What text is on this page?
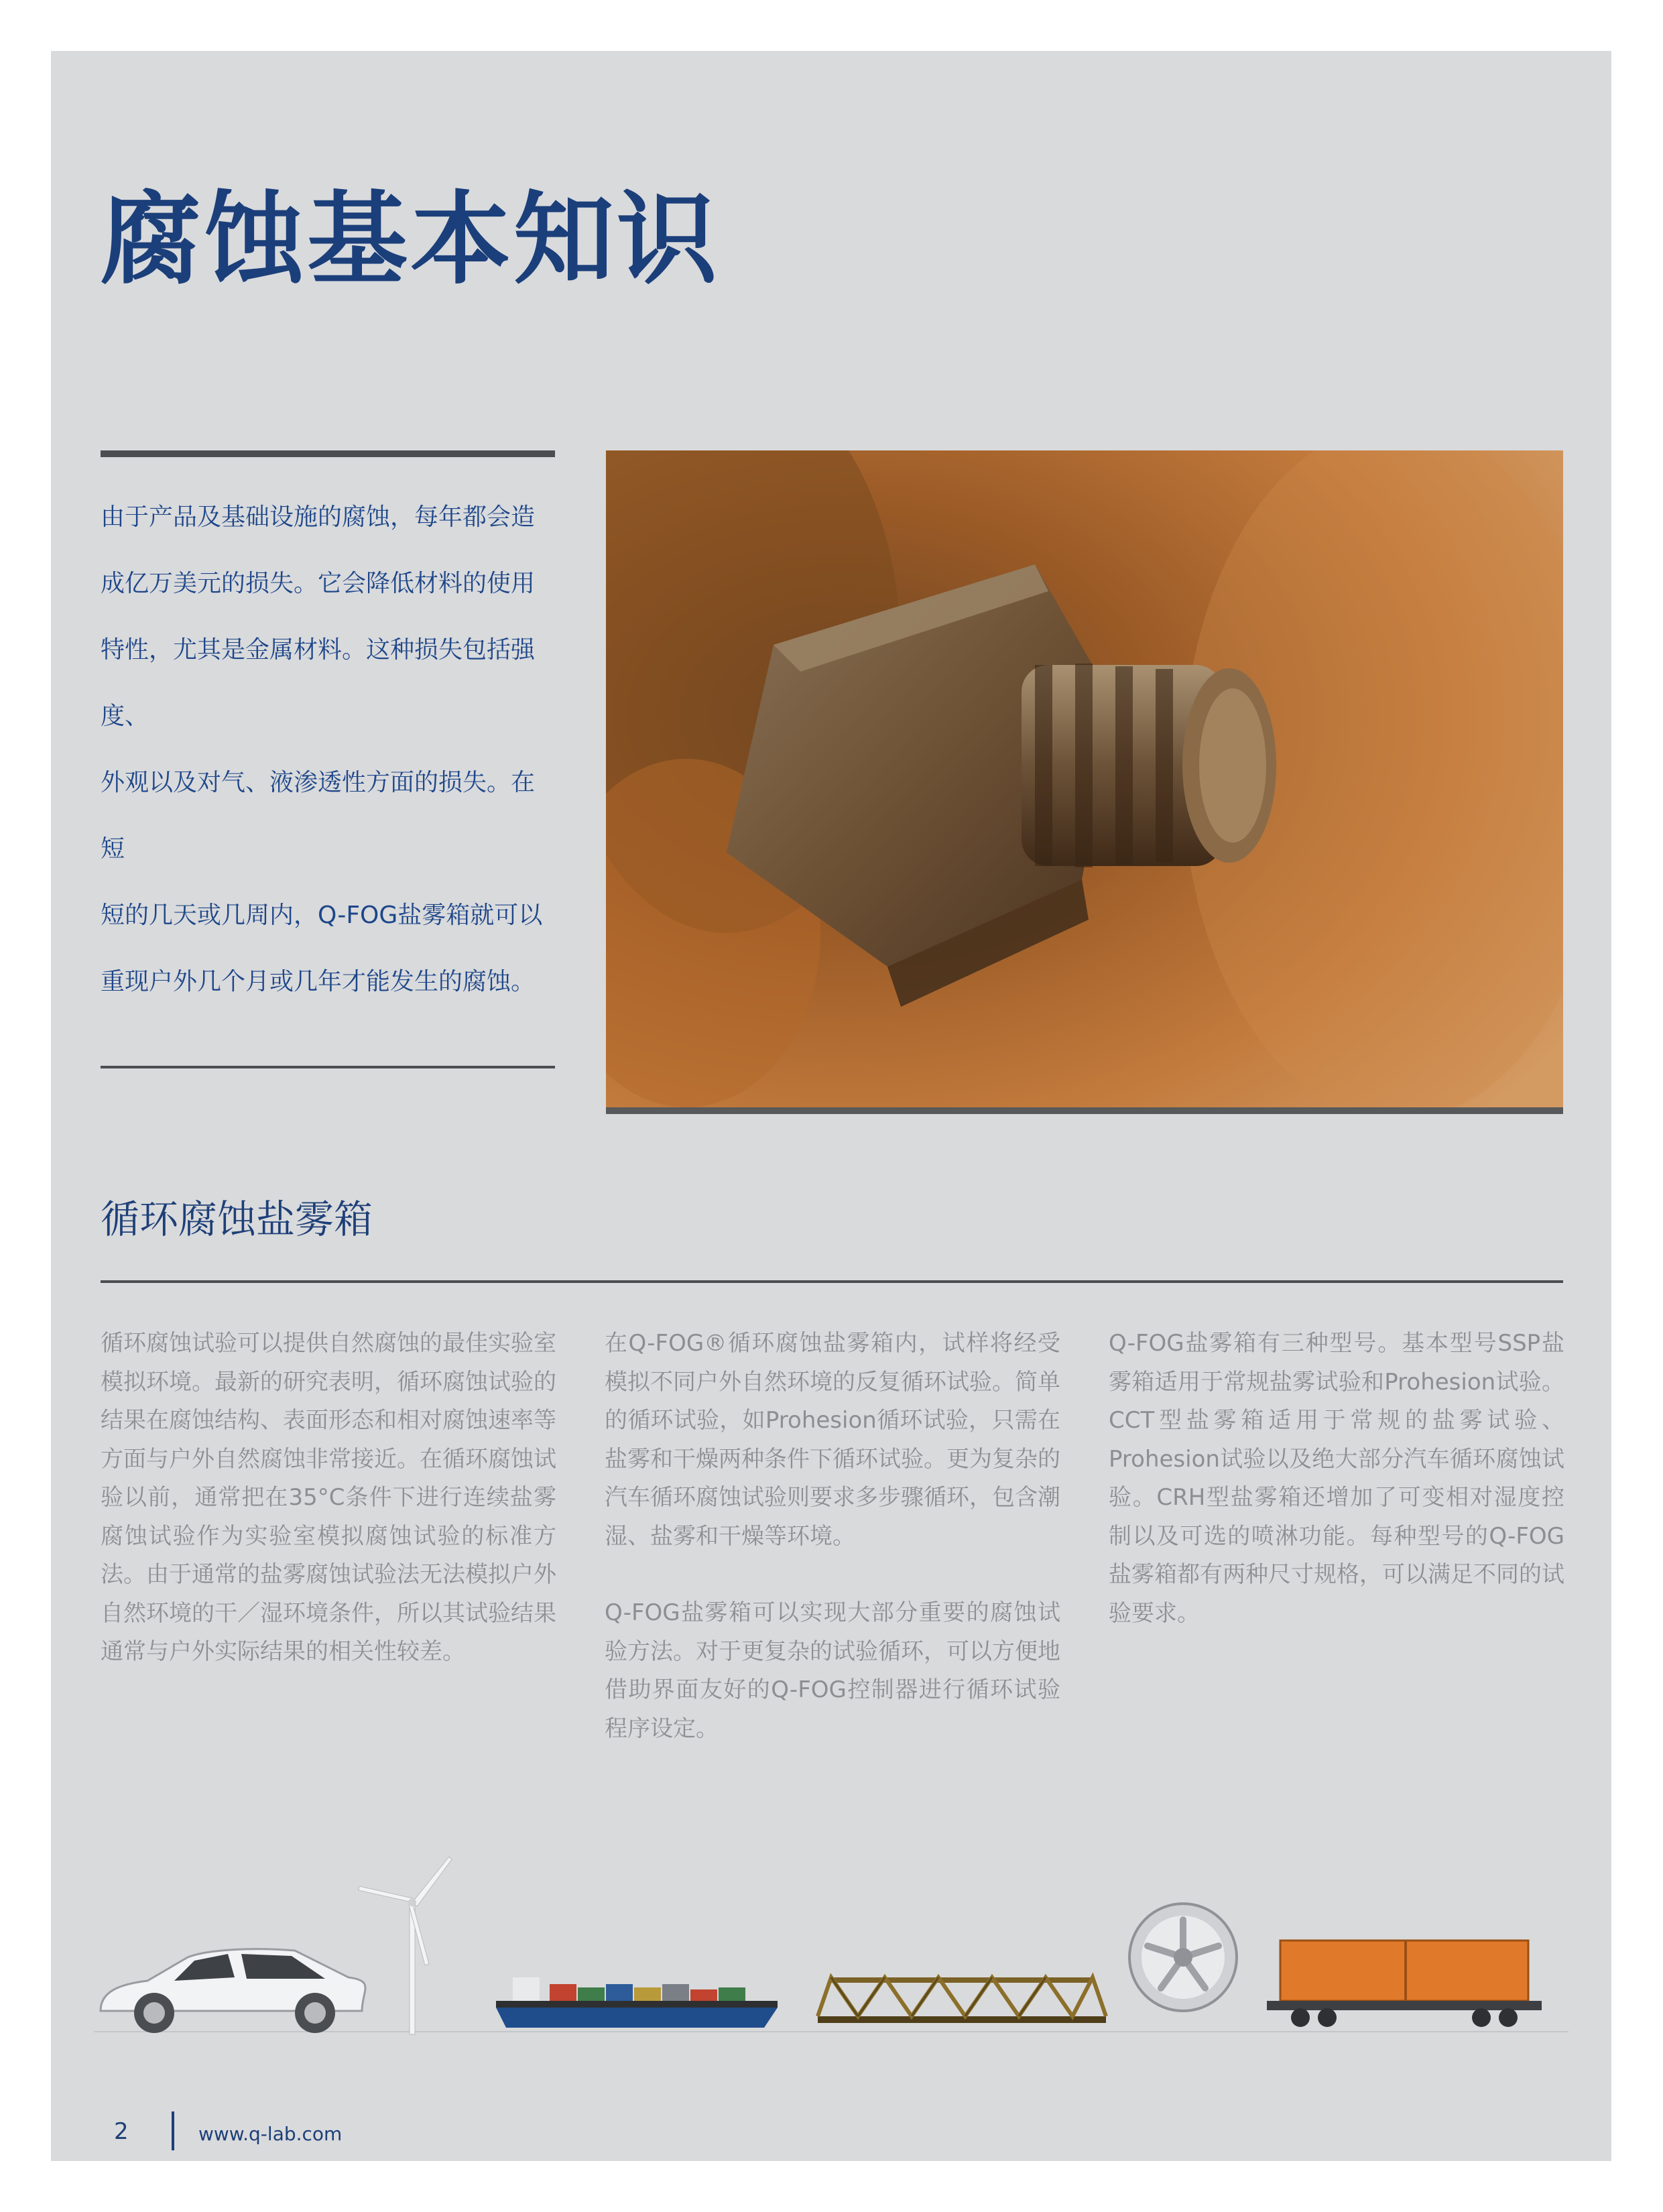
腐蚀基本知识

由于产品及基础设施的腐蚀，每年都会造

成亿万美元的损失。它会降低材料的使用

特性，尤其是金属材料。这种损失包括强度、

外观以及对气、液渗透性方面的损失。在短

短的几天或几周内，Q-FOG盐雾箱就可以

重现户外几个月或几年才能发生的腐蚀。

循环腐蚀盐雾箱

循环腐蚀试验可以提供自然腐蚀的最佳实验室模拟环境。最新的研究表明，循环腐蚀试验的结果在腐蚀结构、表面形态和相对腐蚀速率等方面与户外自然腐蚀非常接近。在循环腐蚀试验以前，通常把在35°C条件下进行连续盐雾腐蚀试验作为实验室模拟腐蚀试验的标准方法。由于通常的盐雾腐蚀试验法无法模拟户外自然环境的干／湿环境条件，所以其试验结果通常与户外实际结果的相关性较差。

在Q-FOG®循环腐蚀盐雾箱内，试样将经受模拟不同户外自然环境的反复循环试验。简单的循环试验，如Prohesion循环试验，只需在盐雾和干燥两种条件下循环试验。更为复杂的汽车循环腐蚀试验则要求多步骤循环，包含潮湿、盐雾和干燥等环境。

Q-FOG盐雾箱可以实现大部分重要的腐蚀试验方法。对于更复杂的试验循环，可以方便地借助界面友好的Q-FOG控制器进行循环试验程序设定。

Q-FOG盐雾箱有三种型号。基本型号SSP盐雾箱适用于常规盐雾试验和Prohesion试验。CCT型盐雾箱适用于常规的盐雾试验、Prohesion试验以及绝大部分汽车循环腐蚀试验。CRH型盐雾箱还增加了可变相对湿度控制以及可选的喷淋功能。每种型号的Q-FOG盐雾箱都有两种尺寸规格，可以满足不同的试验要求。

2	www.q-lab.com
